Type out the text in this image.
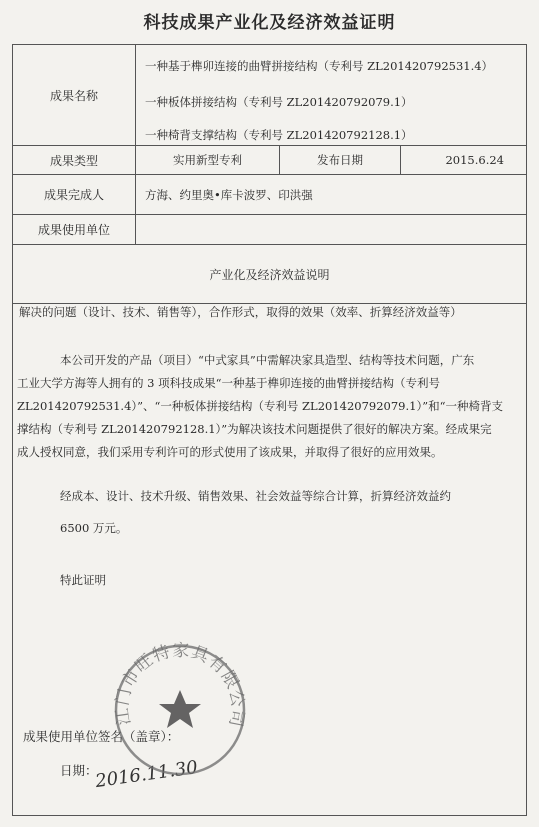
科技成果产业化及经济效益证明
成果名称
一种基于榫卯连接的曲臂拼接结构（专利号 ZL201420792531.4）
一种板体拼接结构（专利号 ZL201420792079.1）
一种椅背支撑结构（专利号 ZL201420792128.1）
成果类型	实用新型专利	发布日期	2015.6.24
成果完成人	方海、约里奥•库卡波罗、印洪强
成果使用单位
产业化及经济效益说明
解决的问题（设计、技术、销售等），合作形式，取得的效果（效率、折算经济效益等）
本公司开发的产品（项目）“中式家具”中需解决家具造型、结构等技术问题，广东
工业大学方海等人拥有的 3 项科技成果“一种基于榫卯连接的曲臂拼接结构（专利号
ZL201420792531.4）”、“一种板体拼接结构（专利号 ZL201420792079.1）”和“一种椅背支
撑结构（专利号 ZL201420792128.1）”为解决该技术问题提供了很好的解决方案。经成果完
成人授权同意，我们采用专利许可的形式使用了该成果，并取得了很好的应用效果。
经成本、设计、技术升级、销售效果、社会效益等综合计算，折算经济效益约
6500 万元。
特此证明
成果使用单位签名（盖章）：
日期：
2016.11.30
江门市旺特家具有限公司
